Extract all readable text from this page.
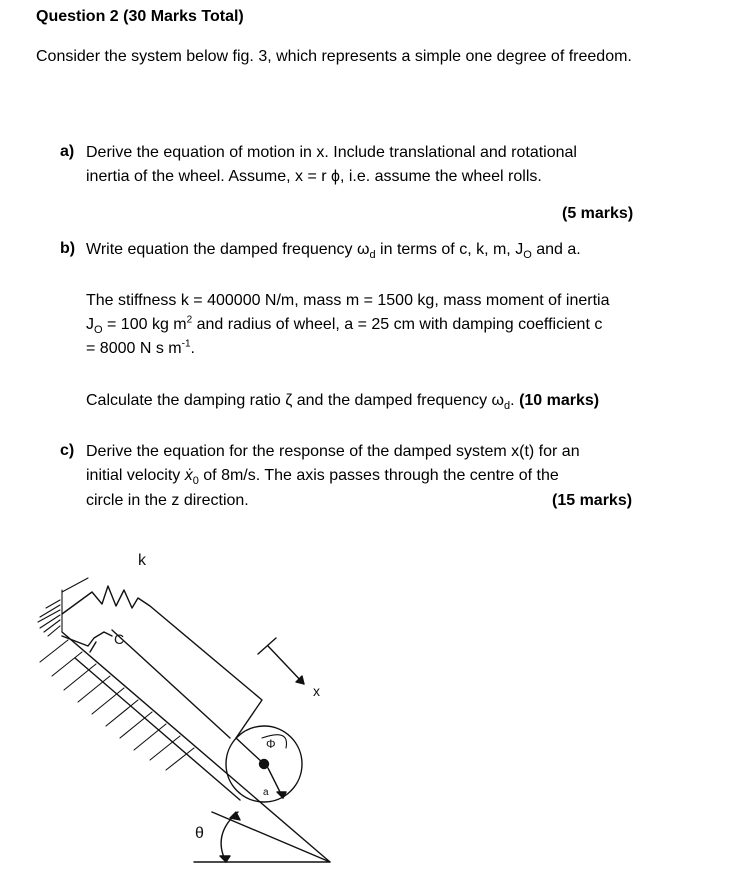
Question 2 (30 Marks Total)
Consider the system below fig. 3, which represents a simple one degree of freedom.
a) Derive the equation of motion in x. Include translational and rotational
inertia of the wheel. Assume, x = r ϕ, i.e. assume the wheel rolls.
(5 marks)
b) Write equation the damped frequency $\omega_d$ in terms of c, k, m, $J_O$ and a.
The stiffness k = 400000 N/m, mass m = 1500 kg, mass moment of inertia
$J_O = 100$ kg $m^2$ and radius of wheel, a = 25 cm with damping coefficient c
= 8000 N s $m^{-1}$.
Calculate the damping ratio ζ and the damped frequency $\omega_d$. (10 marks)
c) Derive the equation for the response of the damped system x(t) for an
initial velocity ẋ$_0$ of 8m/s. The axis passes through the centre of the
circle in the z direction.	(15 marks)
k
C
x
Φ
a
θ
